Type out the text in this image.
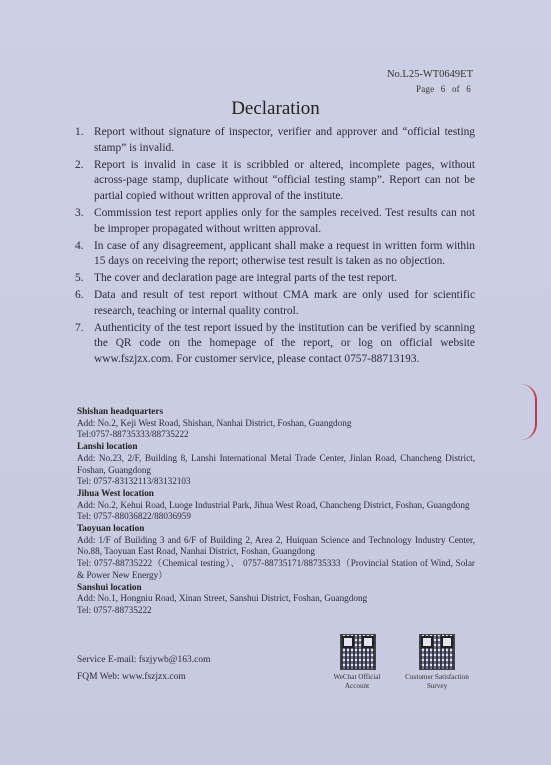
No.L25-WT0649ET
Page 6 of 6
Declaration
1. Report without signature of inspector, verifier and approver and “official testing stamp” is invalid.
2. Report is invalid in case it is scribbled or altered, incomplete pages, without across-page stamp, duplicate without “official testing stamp”. Report can not be partial copied without written approval of the institute.
3. Commission test report applies only for the samples received. Test results can not be improper propagated without written approval.
4. In case of any disagreement, applicant shall make a request in written form within 15 days on receiving the report; otherwise test result is taken as no objection.
5. The cover and declaration page are integral parts of the test report.
6. Data and result of test report without CMA mark are only used for scientific research, teaching or internal quality control.
7. Authenticity of the test report issued by the institution can be verified by scanning the QR code on the homepage of the report, or log on official website www.fszjzx.com. For customer service, please contact 0757-88713193.
Shishan headquarters
Add: No.2, Keji West Road, Shishan, Nanhai District, Foshan, Guangdong
Tel:0757-88735333/88735222
Lanshi location
Add: No.23, 2/F, Building 8, Lanshi International Metal Trade Center, Jinlan Road, Chancheng District, Foshan, Guangdong
Tel: 0757-83132113/83132103
Jihua West location
Add: No.2, Kehui Road, Luoge Industrial Park, Jihua West Road, Chancheng District, Foshan, Guangdong
Tel: 0757-88036822/88036959
Taoyuan location
Add: 1/F of Building 3 and 6/F of Building 2, Area 2, Huiquan Science and Technology Industry Center, No.88, Taoyuan East Road, Nanhai District, Foshan, Guangdong
Tel: 0757-88735222（Chemical testing）、 0757-88735171/88735333（Provincial Station of Wind, Solar & Power New Energy）
Sanshui location
Add: No.1, Hongniu Road, Xinan Street, Sanshui District, Foshan, Guangdong
Tel: 0757-88735222
Service E-mail: fszjywb@163.com
FQM Web: www.fszjzx.com	WeChat Official
Account
Customer Satisfaction
Survey
